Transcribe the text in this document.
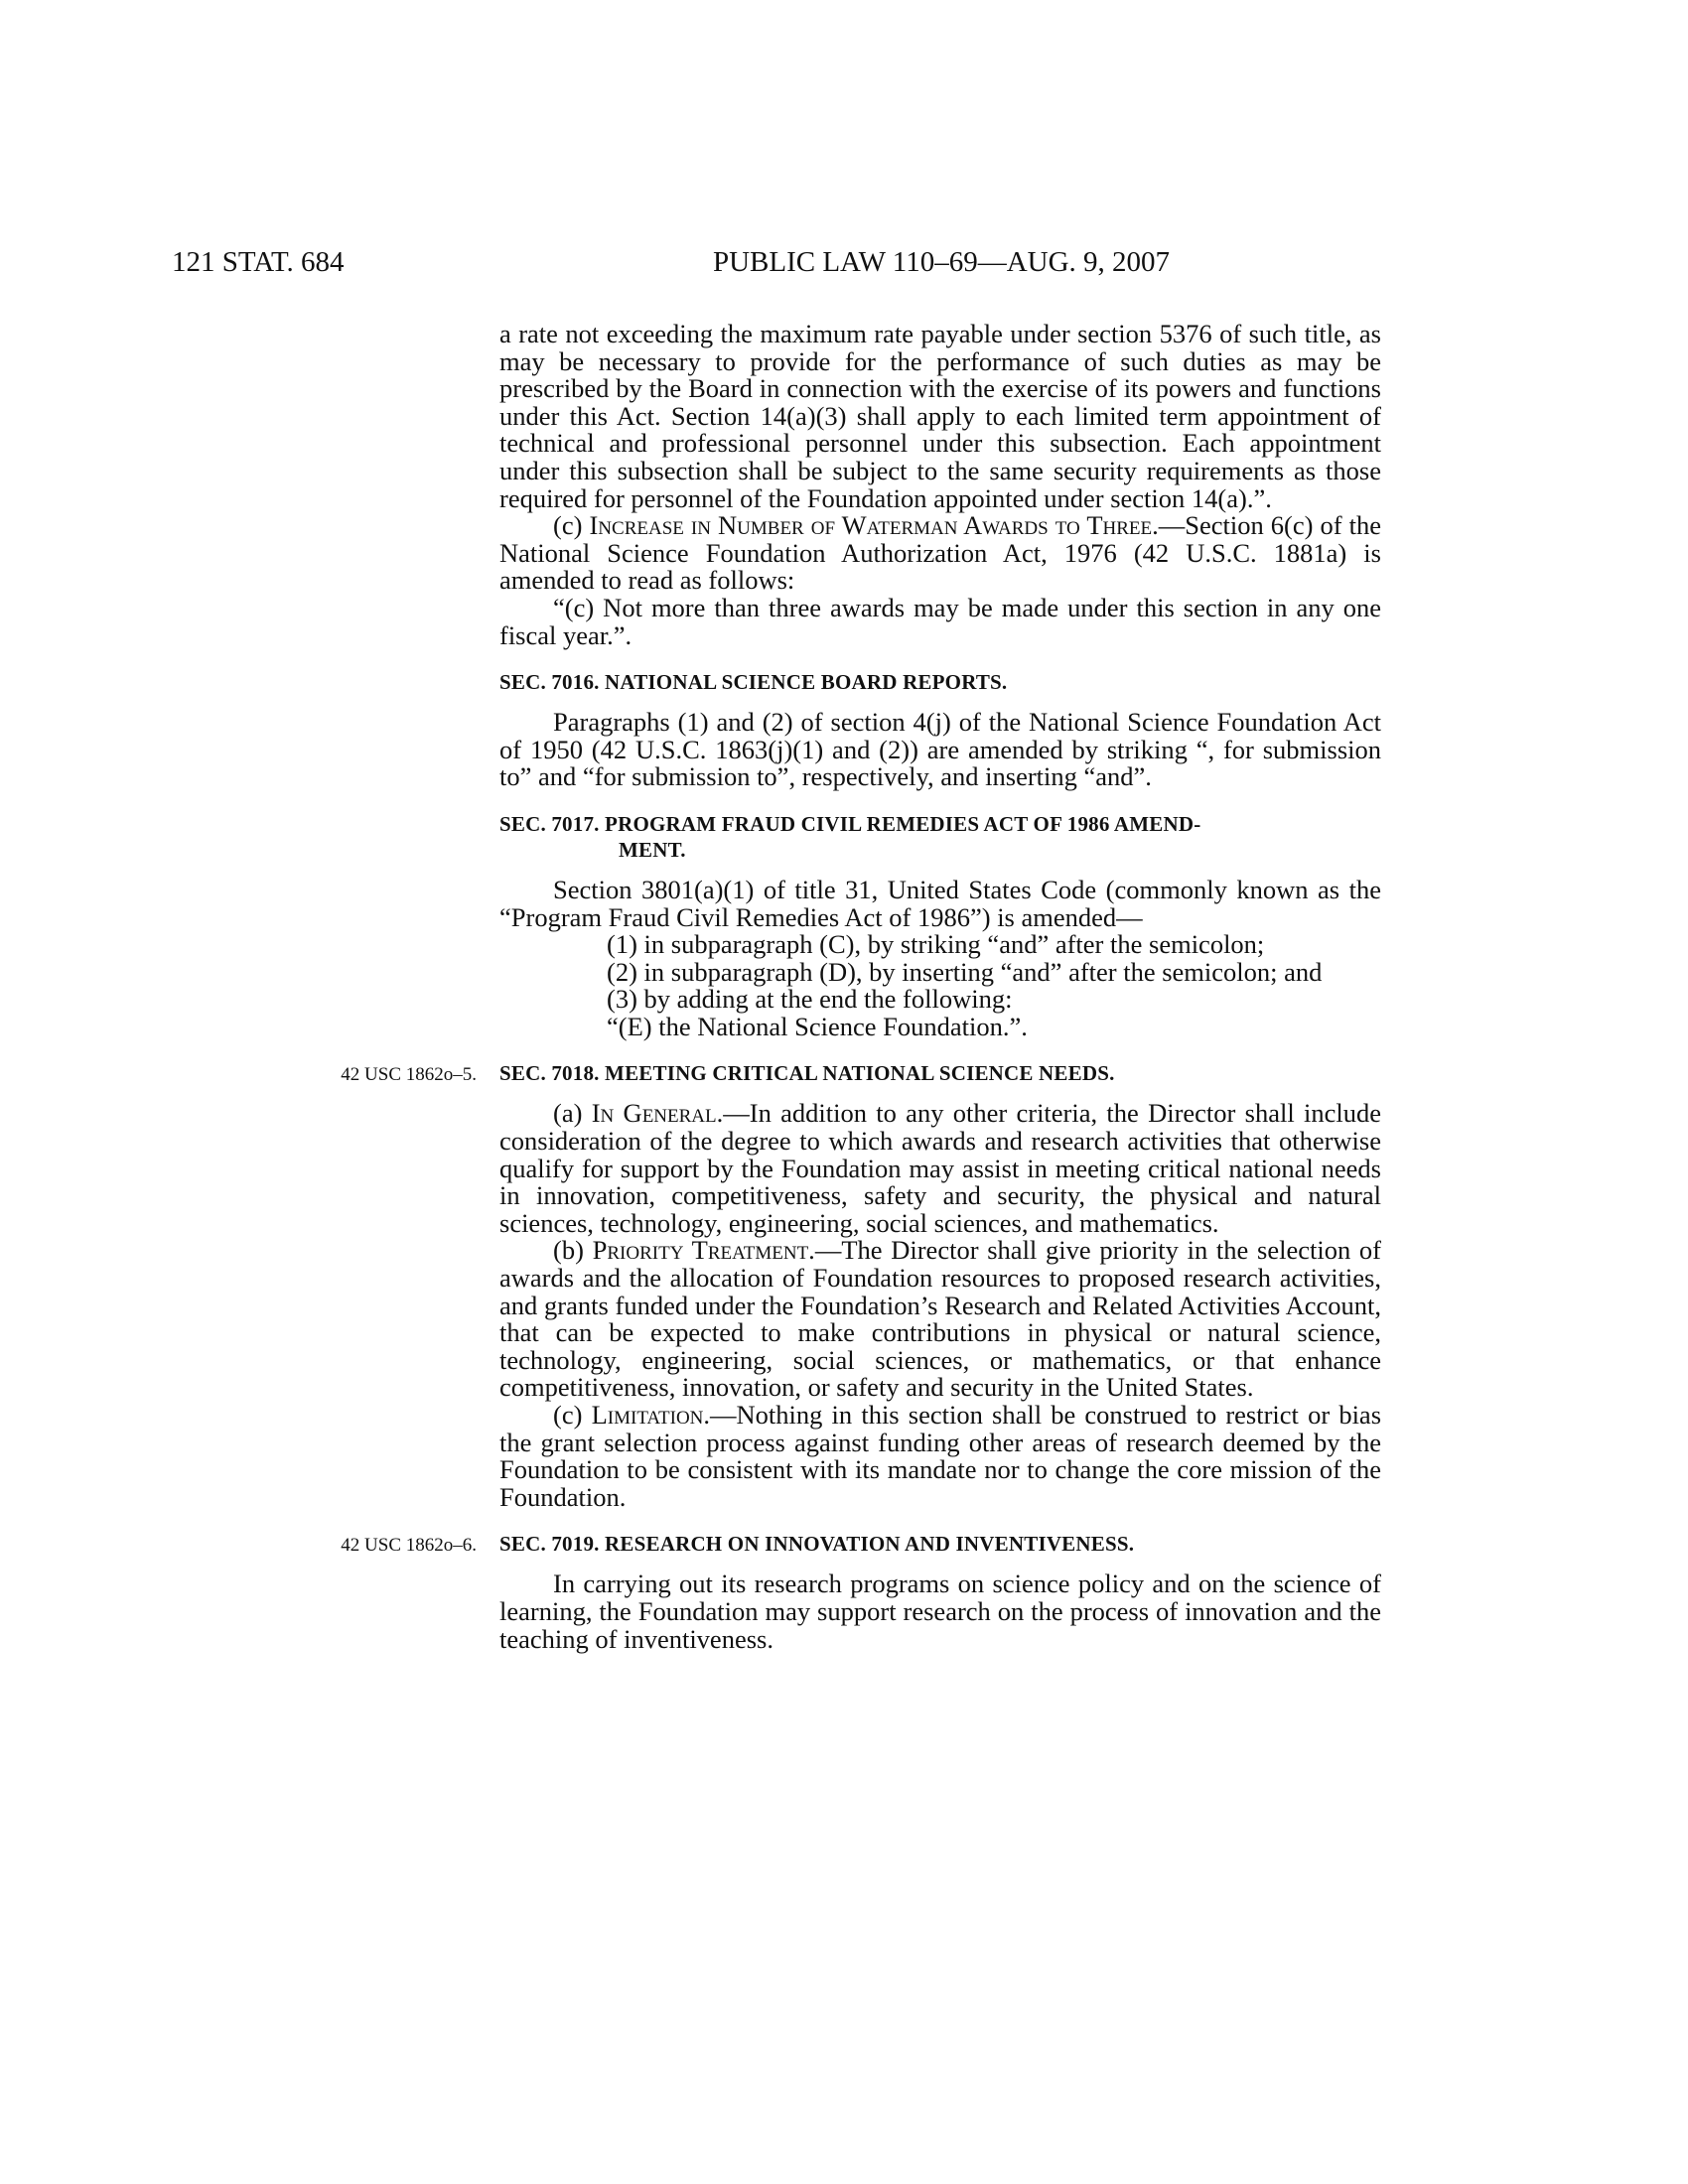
121 STAT. 684	PUBLIC LAW 110–69—AUG. 9, 2007

a rate not exceeding the maximum rate payable under section 5376 of such title, as may be necessary to provide for the performance of such duties as may be prescribed by the Board in connection with the exercise of its powers and functions under this Act. Section 14(a)(3) shall apply to each limited term appointment of technical and professional personnel under this subsection. Each appointment under this subsection shall be subject to the same security requirements as those required for personnel of the Foundation appointed under section 14(a).”.

(c) Increase in Number of Waterman Awards to Three.—Section 6(c) of the National Science Foundation Authorization Act, 1976 (42 U.S.C. 1881a) is amended to read as follows:

“(c) Not more than three awards may be made under this section in any one fiscal year.”.

SEC. 7016. NATIONAL SCIENCE BOARD REPORTS.

Paragraphs (1) and (2) of section 4(j) of the National Science Foundation Act of 1950 (42 U.S.C. 1863(j)(1) and (2)) are amended by striking “, for submission to” and “for submission to”, respectively, and inserting “and”.

SEC. 7017. PROGRAM FRAUD CIVIL REMEDIES ACT OF 1986 AMEND-
MENT.

Section 3801(a)(1) of title 31, United States Code (commonly known as the “Program Fraud Civil Remedies Act of 1986”) is amended—

(1) in subparagraph (C), by striking “and” after the semicolon;

(2) in subparagraph (D), by inserting “and” after the semicolon; and

(3) by adding at the end the following:

“(E) the National Science Foundation.”.

42 USC 1862o–5. SEC. 7018. MEETING CRITICAL NATIONAL SCIENCE NEEDS.

(a) In General.—In addition to any other criteria, the Director shall include consideration of the degree to which awards and research activities that otherwise qualify for support by the Foundation may assist in meeting critical national needs in innovation, competitiveness, safety and security, the physical and natural sciences, technology, engineering, social sciences, and mathematics.

(b) Priority Treatment.—The Director shall give priority in the selection of awards and the allocation of Foundation resources to proposed research activities, and grants funded under the Foundation’s Research and Related Activities Account, that can be expected to make contributions in physical or natural science, technology, engineering, social sciences, or mathematics, or that enhance competitiveness, innovation, or safety and security in the United States.

(c) Limitation.—Nothing in this section shall be construed to restrict or bias the grant selection process against funding other areas of research deemed by the Foundation to be consistent with its mandate nor to change the core mission of the Foundation.

42 USC 1862o–6. SEC. 7019. RESEARCH ON INNOVATION AND INVENTIVENESS.

In carrying out its research programs on science policy and on the science of learning, the Foundation may support research on the process of innovation and the teaching of inventiveness.
